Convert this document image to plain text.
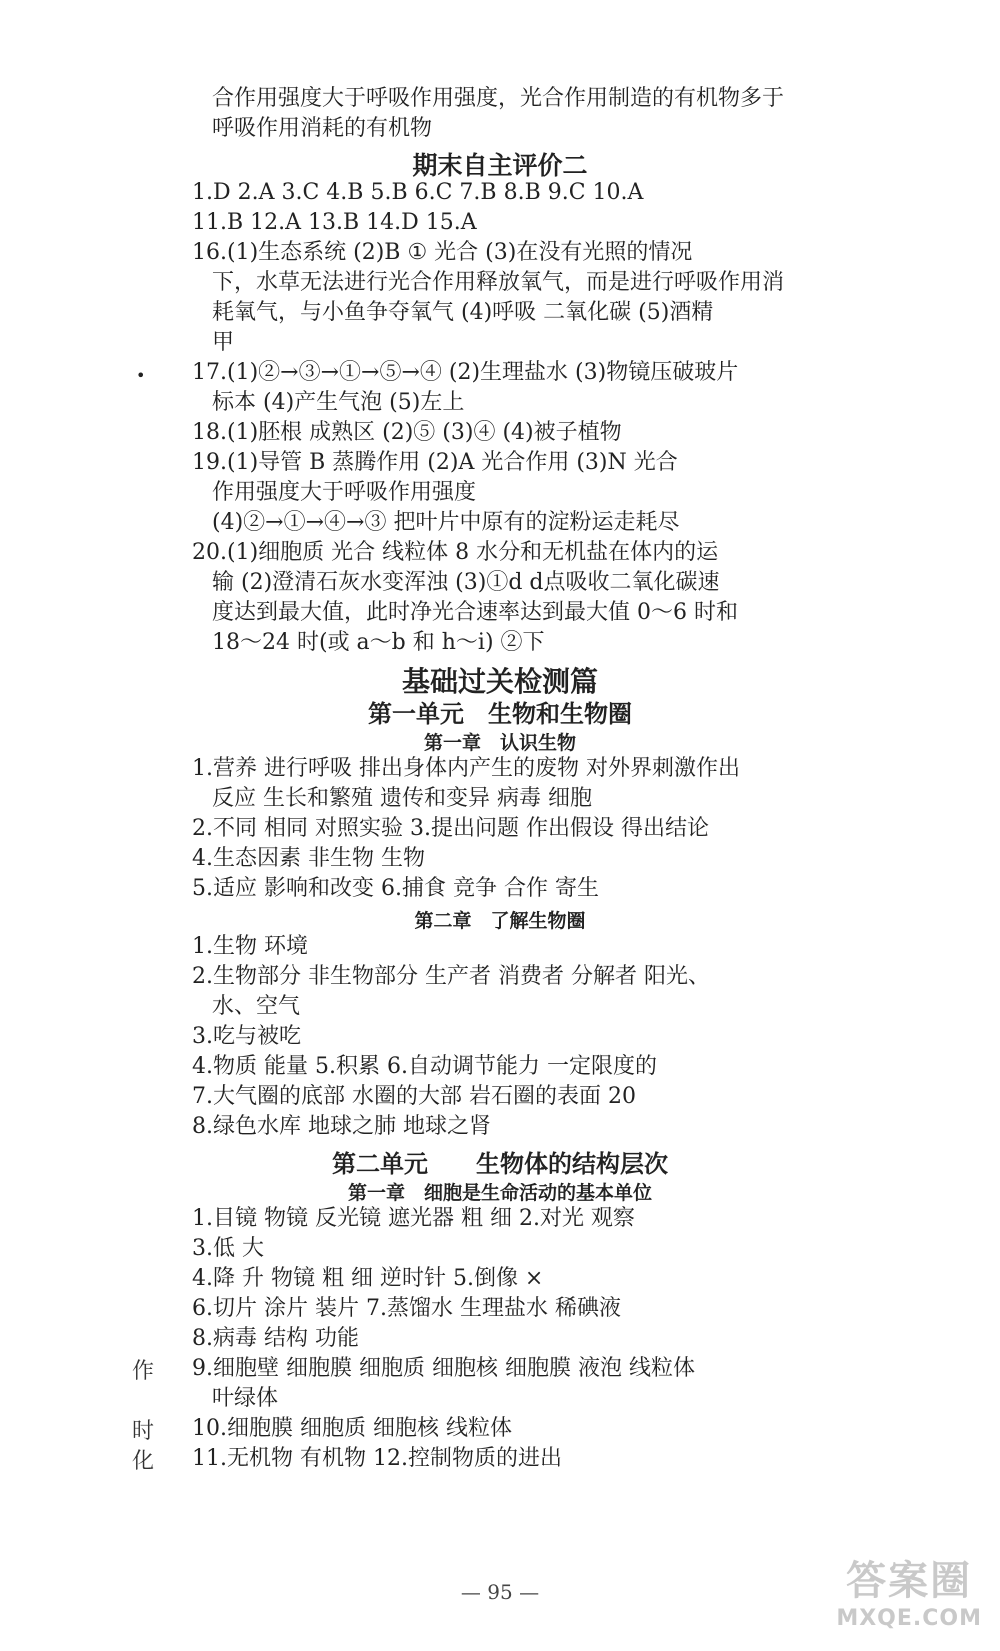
合作用强度大于呼吸作用强度，光合作用制造的有机物多于
呼吸作用消耗的有机物
期末自主评价二
1.D 2.A 3.C 4.B 5.B 6.C 7.B 8.B 9.C 10.A
11.B 12.A 13.B 14.D 15.A
16.(1)生态系统 (2)B ① 光合 (3)在没有光照的情况
下，水草无法进行光合作用释放氧气，而是进行呼吸作用消
耗氧气，与小鱼争夺氧气 (4)呼吸 二氧化碳 (5)酒精
甲
• 17.(1)②→③→①→⑤→④ (2)生理盐水 (3)物镜压破玻片
标本 (4)产生气泡 (5)左上
18.(1)胚根 成熟区 (2)⑤ (3)④ (4)被子植物
19.(1)导管 B 蒸腾作用 (2)A 光合作用 (3)N 光合
作用强度大于呼吸作用强度
(4)②→①→④→③ 把叶片中原有的淀粉运走耗尽
20.(1)细胞质 光合 线粒体 8 水分和无机盐在体内的运
输 (2)澄清石灰水变浑浊 (3)①d d点吸收二氧化碳速
度达到最大值，此时净光合速率达到最大值 0～6 时和
18～24 时(或 a～b 和 h～i) ②下
基础过关检测篇
第一单元　生物和生物圈
第一章　认识生物
1.营养 进行呼吸 排出身体内产生的废物 对外界刺激作出
反应 生长和繁殖 遗传和变异 病毒 细胞
2.不同 相同 对照实验 3.提出问题 作出假设 得出结论
4.生态因素 非生物 生物
5.适应 影响和改变 6.捕食 竞争 合作 寄生
第二章　了解生物圈
1.生物 环境
2.生物部分 非生物部分 生产者 消费者 分解者 阳光、
水、空气
3.吃与被吃
4.物质 能量 5.积累 6.自动调节能力 一定限度的
7.大气圈的底部 水圈的大部 岩石圈的表面 20
8.绿色水库 地球之肺 地球之肾
第二单元　　生物体的结构层次
第一章　细胞是生命活动的基本单位
1.目镜 物镜 反光镜 遮光器 粗 细 2.对光 观察
3.低 大
4.降 升 物镜 粗 细 逆时针 5.倒像 ×
6.切片 涂片 装片 7.蒸馏水 生理盐水 稀碘液
8.病毒 结构 功能
9.细胞壁 细胞膜 细胞质 细胞核 细胞膜 液泡 线粒体
叶绿体
10.细胞膜 细胞质 细胞核 线粒体
11.无机物 有机物 12.控制物质的进出
作
时
化
— 95 —	答案圈
MXQE.COM
